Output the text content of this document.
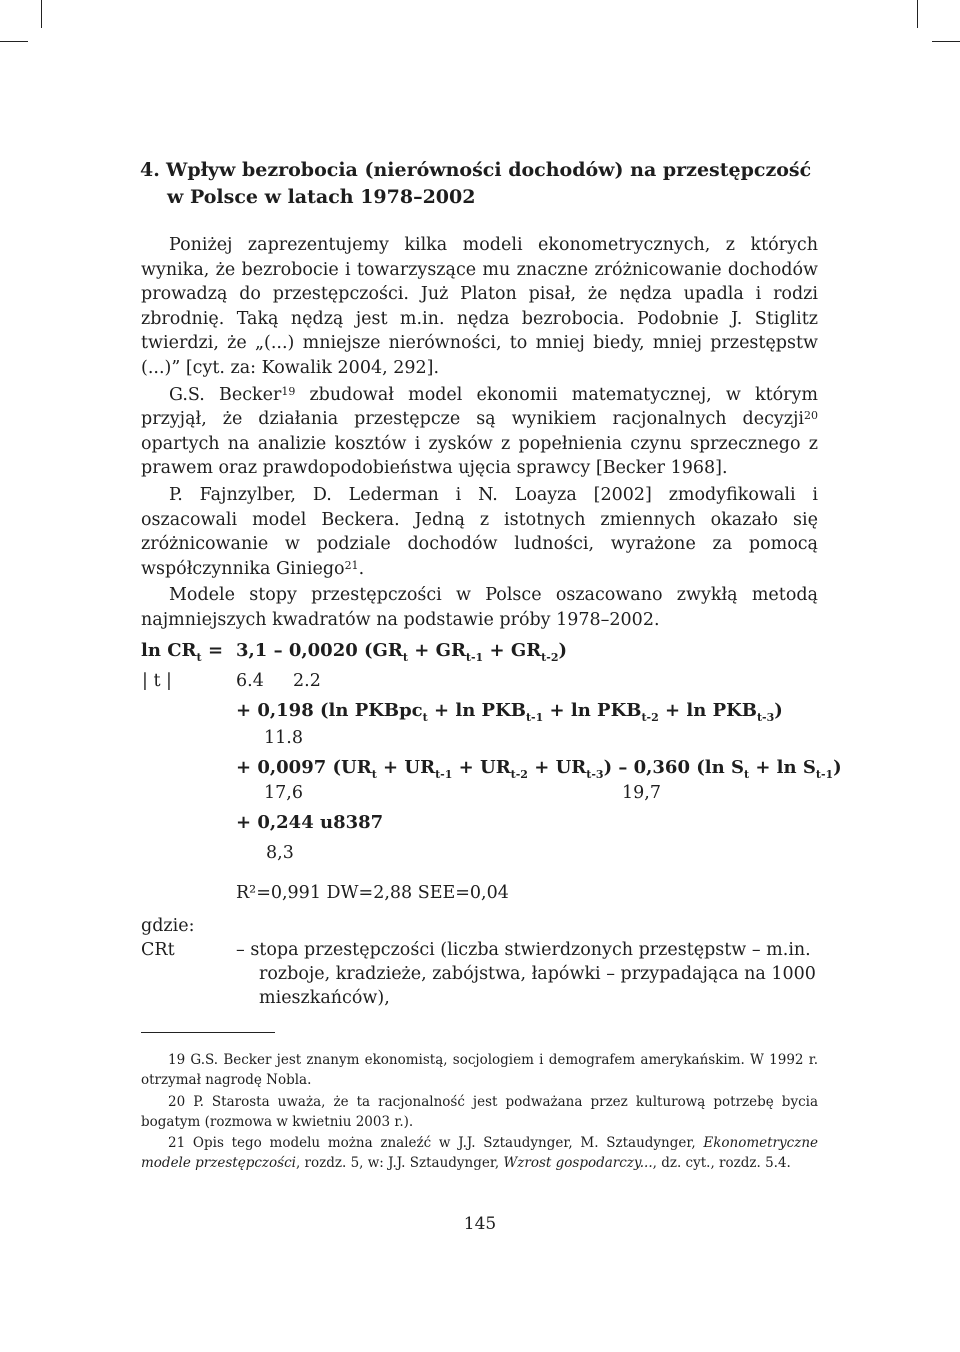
4. Wpływ bezrobocia (nierówności dochodów) na przestępczość
w Polsce w latach 1978–2002

Poniżej zaprezentujemy kilka modeli ekonometrycznych, z których wynika, że bezrobocie i towarzyszące mu znaczne zróżnicowanie dochodów prowadzą do przestępczości. Już Platon pisał, że nędza upadla i rodzi zbrodnię. Taką nędzą jest m.in. nędza bezrobocia. Podobnie J. Stiglitz twierdzi, że „(...) mniejsze nierówności, to mniej biedy, mniej przestępstw (...)” [cyt. za: Kowalik 2004, 292].

G.S. Becker$^{19}$ zbudował model ekonomii matematycznej, w którym przyjął, że działania przestępcze są wynikiem racjonalnych decyzji$^{20}$ opartych na analizie kosztów i zysków z popełnienia czynu sprzecznego z prawem oraz prawdopodobieństwa ujęcia sprawcy [Becker 1968].

P. Fajnzylber, D. Lederman i N. Loayza [2002] zmodyfikowali i oszacowali model Beckera. Jedną z istotnych zmiennych okazało się zróżnicowanie w podziale dochodów ludności, wyrażone za pomocą współczynnika Giniego$^{21}$.

Modele stopy przestępczości w Polsce oszacowano zwykłą metodą najmniejszych kwadratów na podstawie próby 1978–2002.

$\ln CR_t = 3,1 - 0,0020$ $(GR_t + GR_{t-1} + GR_{t-2})$
| t |	6.4 2.2
+ 0,198 (ln PKBpc$_t$ + $\ln PKB_{t-1} + \ln PKB_{t-2} + \ln PKB_{t-3}$)
11.8
+ 0,0097 $(UR_t + UR_{t-1} + UR_{t-2} + UR_{t-3}) - 0,360$ (ln $S_t + \ln S_{t-1}$)
17,6	19,7
+ 0,244 u8387
8,3
R²=0,991 DW=2,88 SEE=0,04
gdzie:
CRt	– stopa przestępczości (liczba stwierdzonych przestępstw – m.in.
rozboje, kradzieże, zabójstwa, łapówki – przypadająca na 1000
mieszkańców),
19 G.S. Becker jest znanym ekonomistą, socjologiem i demografem amerykańskim. W 1992 r. otrzymał nagrodę Nobla.
20 P. Starosta uważa, że ta racjonalność jest podważana przez kulturową potrzebę bycia bogatym (rozmowa w kwietniu 2003 r.).
21 Opis tego modelu można znaleźć w J.J. Sztaudynger, M. Sztaudynger, Ekonometryczne modele przestępczości, rozdz. 5, w: J.J. Sztaudynger, Wzrost gospodarczy..., dz. cyt., rozdz. 5.4.
145
